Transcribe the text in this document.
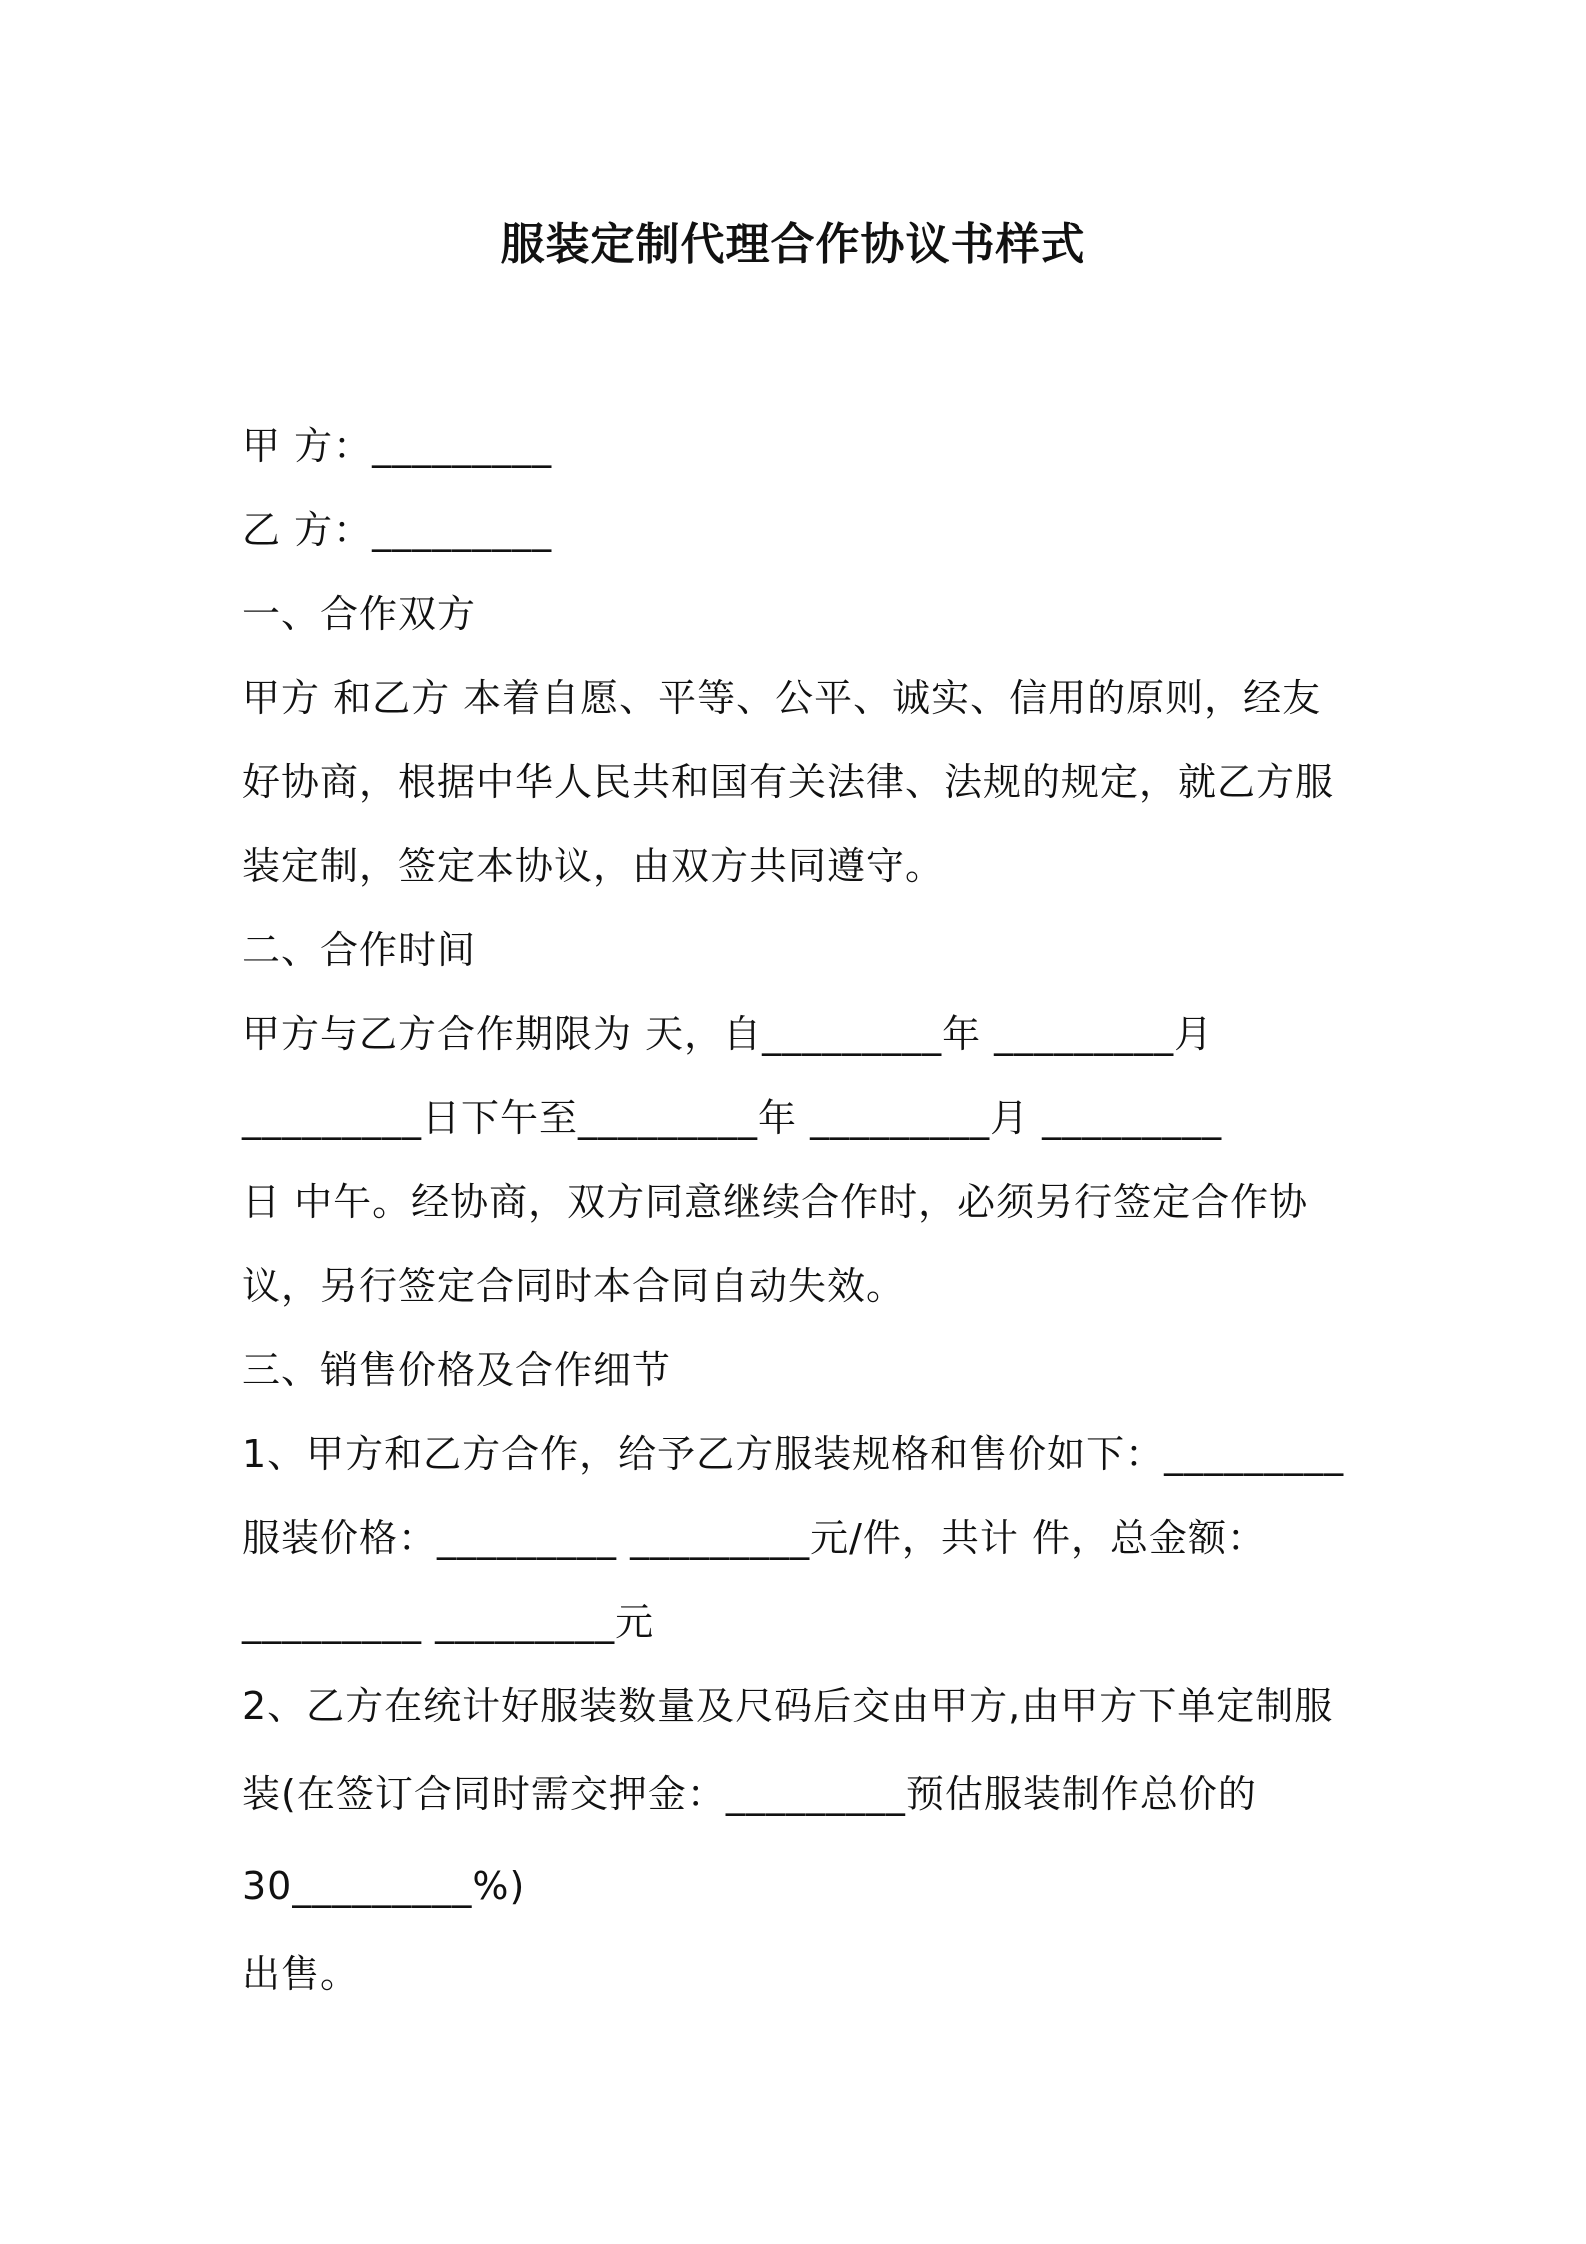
服装定制代理合作协议书样式
甲 方：_________
乙 方：_________
一、合作双方
甲方 和乙方 本着自愿、平等、公平、诚实、信用的原则，经友
好协商，根据中华人民共和国有关法律、法规的规定，就乙方服
装定制，签定本协议，由双方共同遵守。
二、合作时间
甲方与乙方合作期限为 天，自_________年 _________月
_________日下午至_________年 _________月 _________
日 中午。经协商，双方同意继续合作时，必须另行签定合作协
议，另行签定合同时本合同自动失效。
三、销售价格及合作细节
1、甲方和乙方合作，给予乙方服装规格和售价如下：_________
服装价格：_________ _________元/件，共计 件，总金额：
_________ _________元
2、乙方在统计好服装数量及尺码后交由甲方,由甲方下单定制服
装(在签订合同时需交押金：_________预估服装制作总价的
30_________%)
出售。
